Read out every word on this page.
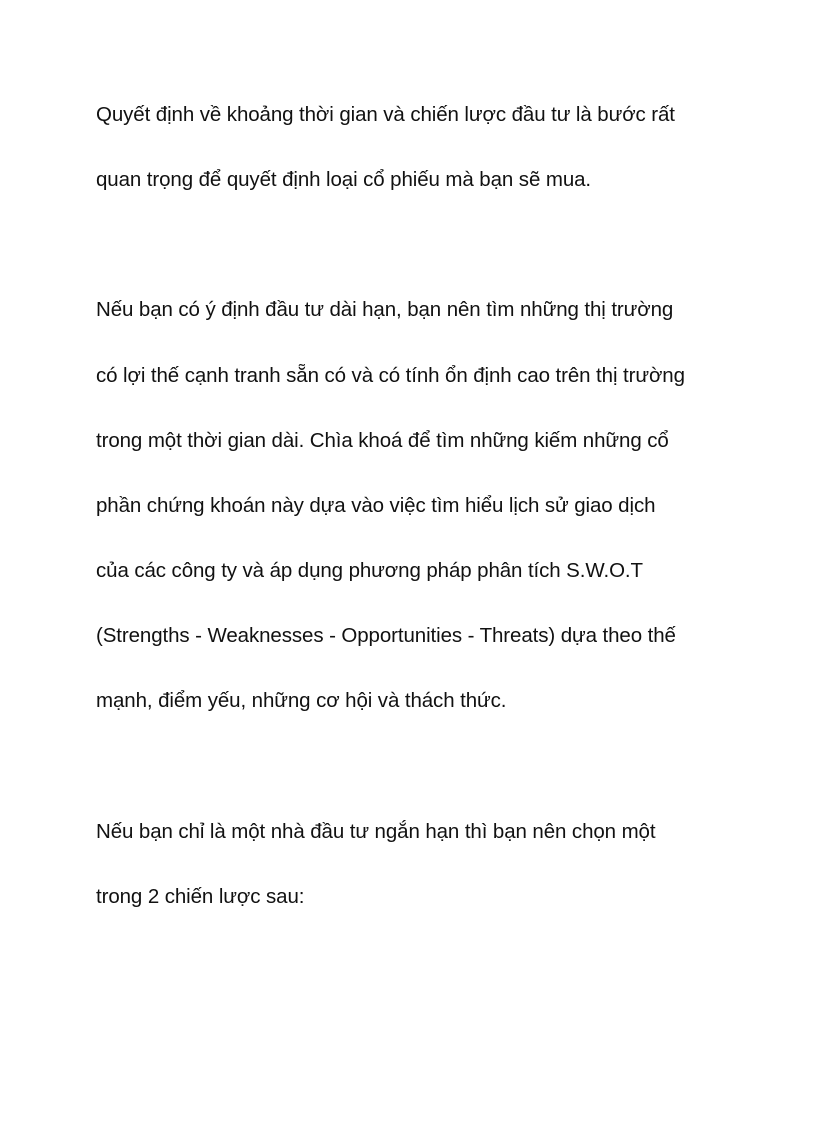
Quyết định về khoảng thời gian và chiến lược đầu tư là bước rất

quan trọng để quyết định loại cổ phiếu mà bạn sẽ mua.

Nếu bạn có ý định đầu tư dài hạn, bạn nên tìm những thị trường

có lợi thế cạnh tranh sẵn có và có tính ổn định cao trên thị trường

trong một thời gian dài. Chìa khoá để tìm những kiếm những cổ

phần chứng khoán này dựa vào việc tìm hiểu lịch sử giao dịch

của các công ty và áp dụng phương pháp phân tích S.W.O.T

(Strengths - Weaknesses - Opportunities - Threats) dựa theo thế

mạnh, điểm yếu, những cơ hội và thách thức.

Nếu bạn chỉ là một nhà đầu tư ngắn hạn thì bạn nên chọn một

trong 2 chiến lược sau:
